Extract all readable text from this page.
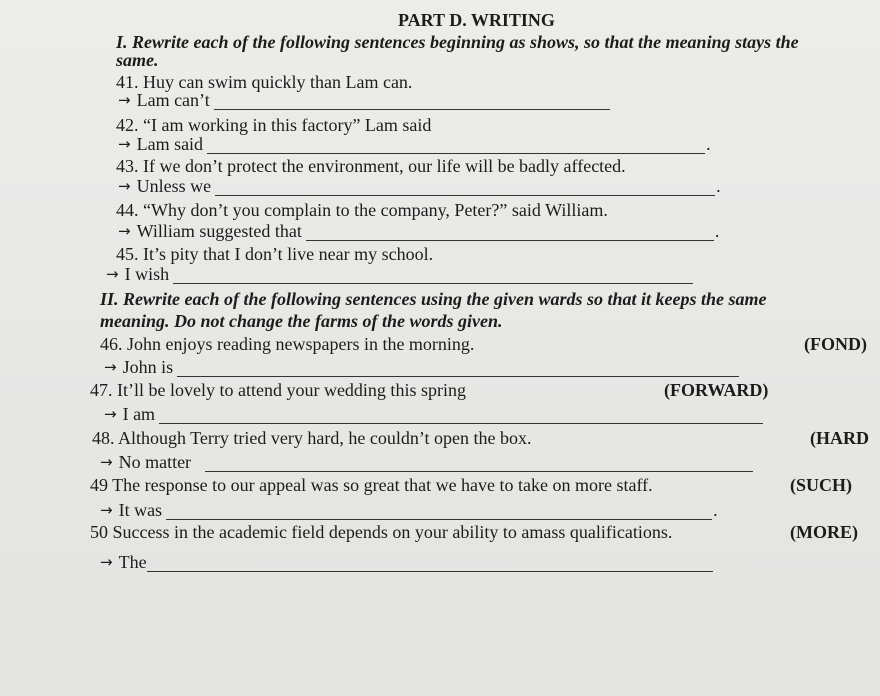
PART D. WRITING
I. Rewrite each of the following sentences beginning as shows, so that the meaning stays the
same.
41. Huy can swim quickly than Lam can.
→ Lam can’t
42. “I am working in this factory” Lam said
→ Lam said	.
43. If we don’t protect the environment, our life will be badly affected.
→ Unless we	.
44. “Why don’t you complain to the company, Peter?” said William.
→ William suggested that	.
45. It’s pity that I don’t live near my school.
→ I wish
II. Rewrite each of the following sentences using the given wards so that it keeps the same
meaning. Do not change the farms of the words given.
46. John enjoys reading newspapers in the morning.	(FOND)
→ John is
47. It’ll be lovely to attend your wedding this spring	(FORWARD)
→ I am
48. Although Terry tried very hard, he couldn’t open the box.	(HARD
→ No matter
49 The response to our appeal was so great that we have to take on more staff.	(SUCH)
→ It was	.
50 Success in the academic field depends on your ability to amass qualifications.	(MORE)
→ The
